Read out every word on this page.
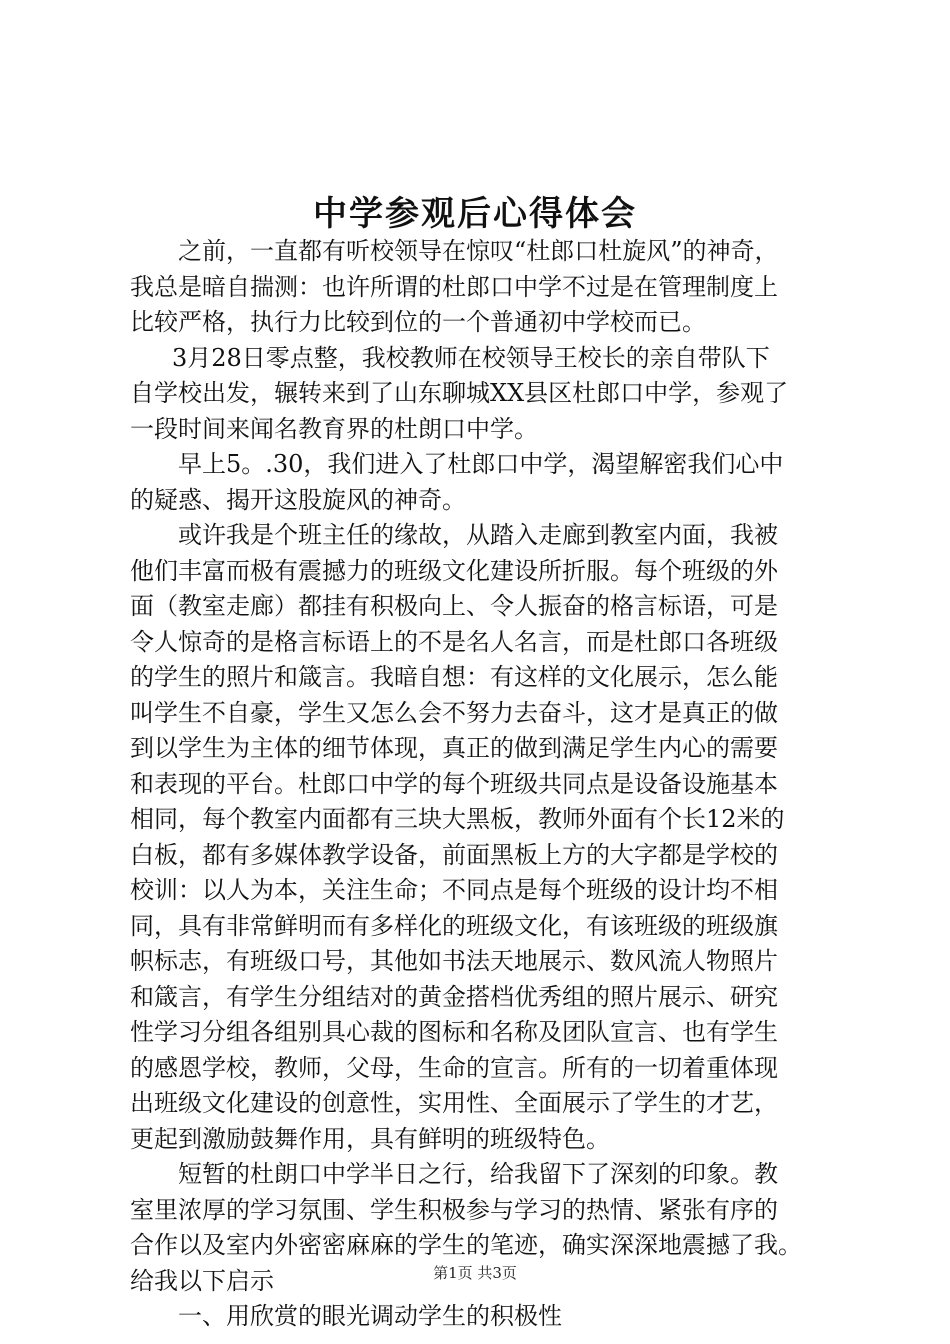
中学参观后心得体会
之前，一直都有听校领导在惊叹“杜郎口杜旋风”的神奇，
我总是暗自揣测：也许所谓的杜郎口中学不过是在管理制度上
比较严格，执行力比较到位的一个普通初中学校而已。
3月28日零点整，我校教师在校领导王校长的亲自带队下
自学校出发，辗转来到了山东聊城XX县区杜郎口中学，参观了
一段时间来闻名教育界的杜朗口中学。
早上5。.30，我们进入了杜郎口中学，渴望解密我们心中
的疑惑、揭开这股旋风的神奇。
或许我是个班主任的缘故，从踏入走廊到教室内面，我被
他们丰富而极有震撼力的班级文化建设所折服。每个班级的外
面（教室走廊）都挂有积极向上、令人振奋的格言标语，可是
令人惊奇的是格言标语上的不是名人名言，而是杜郎口各班级
的学生的照片和箴言。我暗自想：有这样的文化展示，怎么能
叫学生不自豪，学生又怎么会不努力去奋斗，这才是真正的做
到以学生为主体的细节体现，真正的做到满足学生内心的需要
和表现的平台。杜郎口中学的每个班级共同点是设备设施基本
相同，每个教室内面都有三块大黑板，教师外面有个长12米的
白板，都有多媒体教学设备，前面黑板上方的大字都是学校的
校训：以人为本，关注生命；不同点是每个班级的设计均不相
同，具有非常鲜明而有多样化的班级文化，有该班级的班级旗
帜标志，有班级口号，其他如书法天地展示、数风流人物照片
和箴言，有学生分组结对的黄金搭档优秀组的照片展示、研究
性学习分组各组别具心裁的图标和名称及团队宣言、也有学生
的感恩学校，教师，父母，生命的宣言。所有的一切着重体现
出班级文化建设的创意性，实用性、全面展示了学生的才艺，
更起到激励鼓舞作用，具有鲜明的班级特色。
短暂的杜朗口中学半日之行，给我留下了深刻的印象。教
室里浓厚的学习氛围、学生积极参与学习的热情、紧张有序的
合作以及室内外密密麻麻的学生的笔迹，确实深深地震撼了我。
给我以下启示
一、用欣赏的眼光调动学生的积极性
第1页 共3页
